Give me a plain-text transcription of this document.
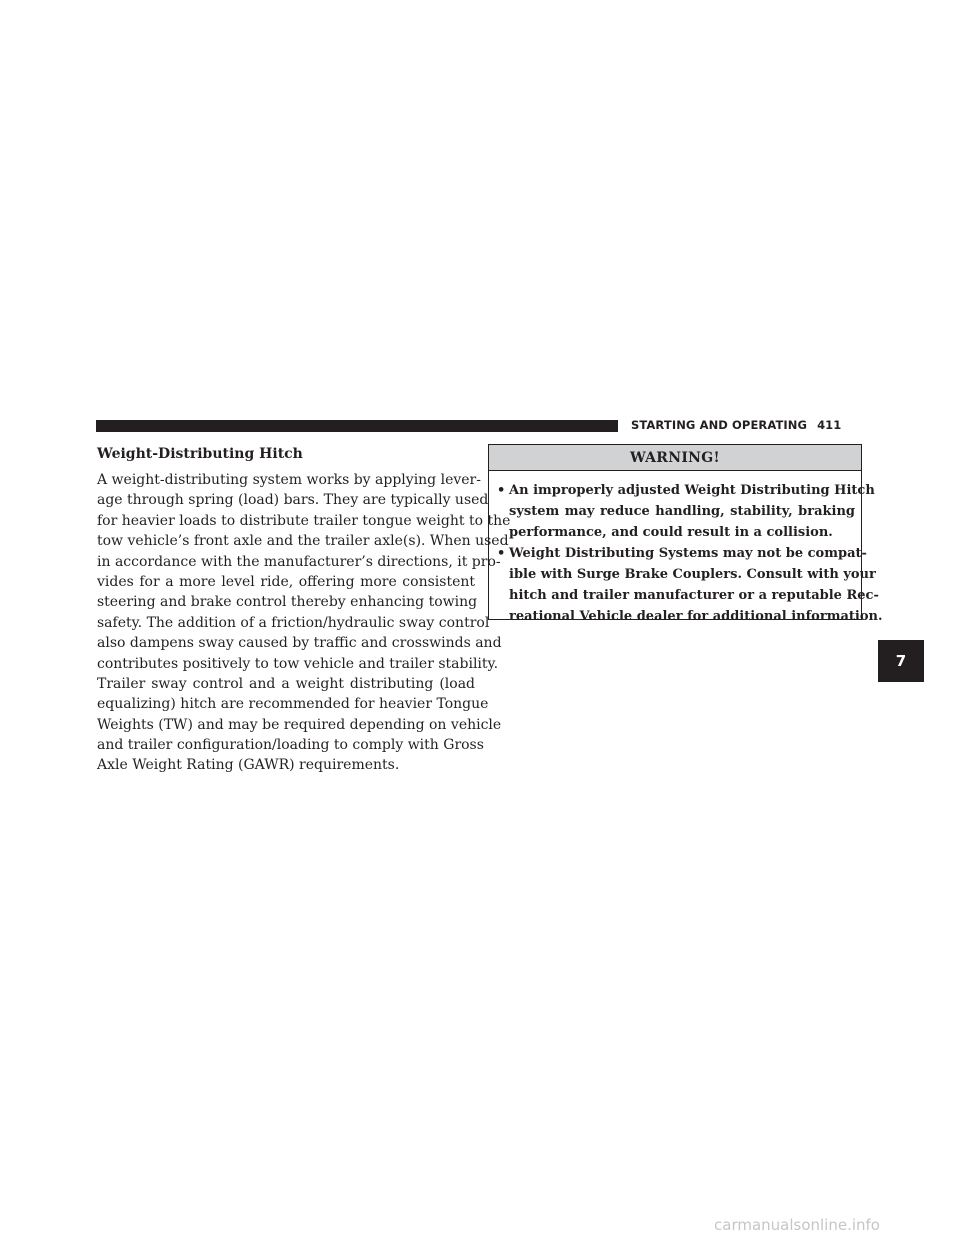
STARTING AND OPERATING 411
Weight-Distributing Hitch
A weight-distributing system works by applying lever-
age through spring (load) bars. They are typically used
for heavier loads to distribute trailer tongue weight to the
tow vehicle’s front axle and the trailer axle(s). When used
in accordance with the manufacturer’s directions, it pro-
vides for a more level ride, offering more consistent
steering and brake control thereby enhancing towing
safety. The addition of a friction/hydraulic sway control
also dampens sway caused by traffic and crosswinds and
contributes positively to tow vehicle and trailer stability.
Trailer sway control and a weight distributing (load
equalizing) hitch are recommended for heavier Tongue
Weights (TW) and may be required depending on vehicle
and trailer configuration/loading to comply with Gross
Axle Weight Rating (GAWR) requirements.
WARNING!
• An improperly adjusted Weight Distributing Hitch
system may reduce handling, stability, braking
performance, and could result in a collision.
• Weight Distributing Systems may not be compat-
ible with Surge Brake Couplers. Consult with your
hitch and trailer manufacturer or a reputable Rec-
reational Vehicle dealer for additional information.
7
carmanualsonline.info
